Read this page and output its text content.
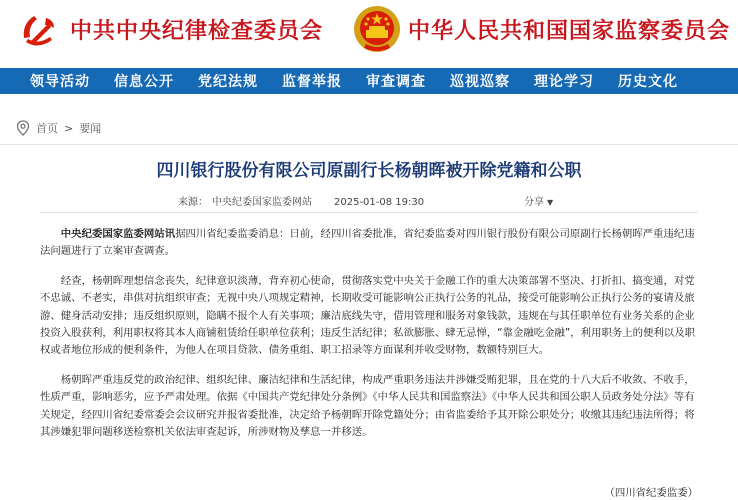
中共中央纪律检查委员会	中华人民共和国国家监察委员会
领导活动 信息公开 党纪法规 监督举报 审查调查 巡视巡察 理论学习 历史文化
首页 > 要闻
四川银行股份有限公司原副行长杨朝晖被开除党籍和公职
来源： 中央纪委国家监委网站 2025-01-08 19:30	分享 ▼

中央纪委国家监委网站讯据四川省纪委监委消息：日前，经四川省委批准，省纪委监委对四川银行股份有限公司原副行长杨朝晖严重违纪违法问题进行了立案审查调查。

经查，杨朝晖理想信念丧失，纪律意识淡薄，背弃初心使命，贯彻落实党中央关于金融工作的重大决策部署不坚决、打折扣、搞变通，对党不忠诚、不老实，串供对抗组织审查；无视中央八项规定精神，长期收受可能影响公正执行公务的礼品，接受可能影响公正执行公务的宴请及旅游、健身活动安排；违反组织原则，隐瞒不报个人有关事项；廉洁底线失守，借用管理和服务对象钱款，违规在与其任职单位有业务关系的企业投资入股获利，利用职权将其本人商铺租赁给任职单位获利；违反生活纪律；私欲膨胀、肆无忌惮，“靠金融吃金融”，利用职务上的便利以及职权或者地位形成的便利条件，为他人在项目贷款、债务重组、职工招录等方面谋利并收受财物，数额特别巨大。

杨朝晖严重违反党的政治纪律、组织纪律、廉洁纪律和生活纪律，构成严重职务违法并涉嫌受贿犯罪，且在党的十八大后不收敛、不收手，性质严重，影响恶劣，应予严肃处理。依据《中国共产党纪律处分条例》《中华人民共和国监察法》《中华人民共和国公职人员政务处分法》等有关规定，经四川省纪委常委会会议研究并报省委批准，决定给予杨朝晖开除党籍处分；由省监委给予其开除公职处分；收缴其违纪违法所得；将其涉嫌犯罪问题移送检察机关依法审查起诉，所涉财物及孳息一并移送。

（四川省纪委监委）
